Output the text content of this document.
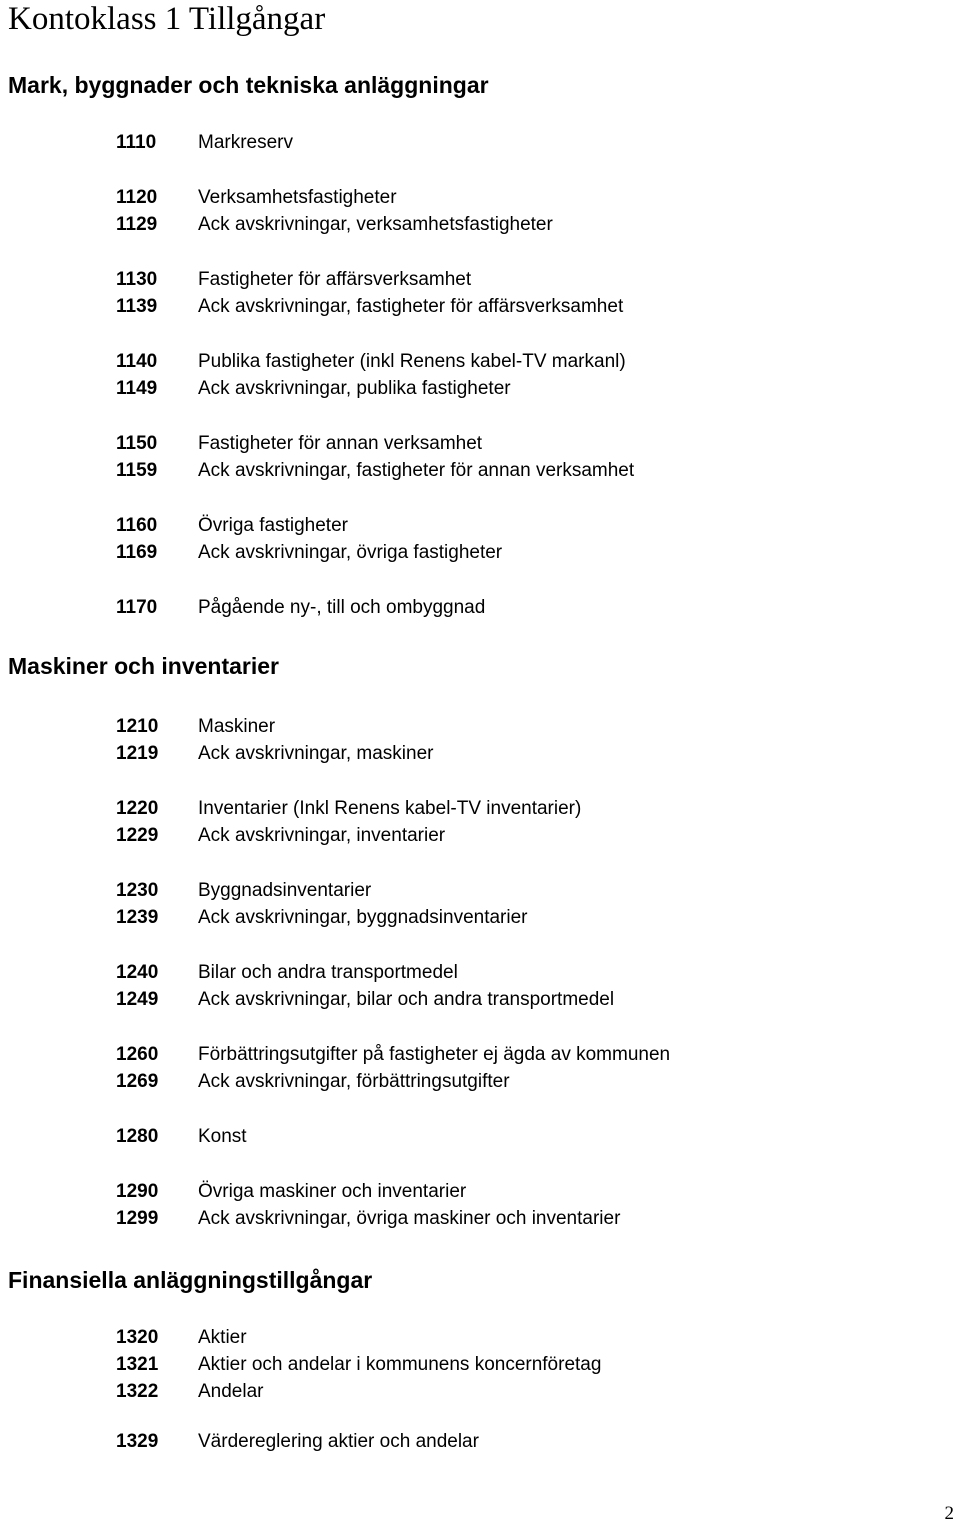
Kontoklass 1 Tillgångar
Mark, byggnader och tekniska anläggningar
1110 Markreserv
1120 Verksamhetsfastigheter
1129 Ack avskrivningar, verksamhetsfastigheter
1130 Fastigheter för affärsverksamhet
1139 Ack avskrivningar, fastigheter för affärsverksamhet
1140 Publika fastigheter (inkl Renens kabel-TV markanl)
1149 Ack avskrivningar, publika fastigheter
1150 Fastigheter för annan verksamhet
1159 Ack avskrivningar, fastigheter för annan verksamhet
1160 Övriga fastigheter
1169 Ack avskrivningar, övriga fastigheter
1170 Pågående ny-, till och ombyggnad
Maskiner och inventarier
1210 Maskiner
1219 Ack avskrivningar, maskiner
1220 Inventarier (Inkl Renens kabel-TV inventarier)
1229 Ack avskrivningar, inventarier
1230 Byggnadsinventarier
1239 Ack avskrivningar, byggnadsinventarier
1240 Bilar och andra transportmedel
1249 Ack avskrivningar, bilar och andra transportmedel
1260 Förbättringsutgifter på fastigheter ej ägda av kommunen
1269 Ack avskrivningar, förbättringsutgifter
1280 Konst
1290 Övriga maskiner och inventarier
1299 Ack avskrivningar, övriga maskiner och inventarier
Finansiella anläggningstillgångar
1320 Aktier
1321 Aktier och andelar i kommunens koncernföretag
1322 Andelar
1329 Värdereglering aktier och andelar
2
